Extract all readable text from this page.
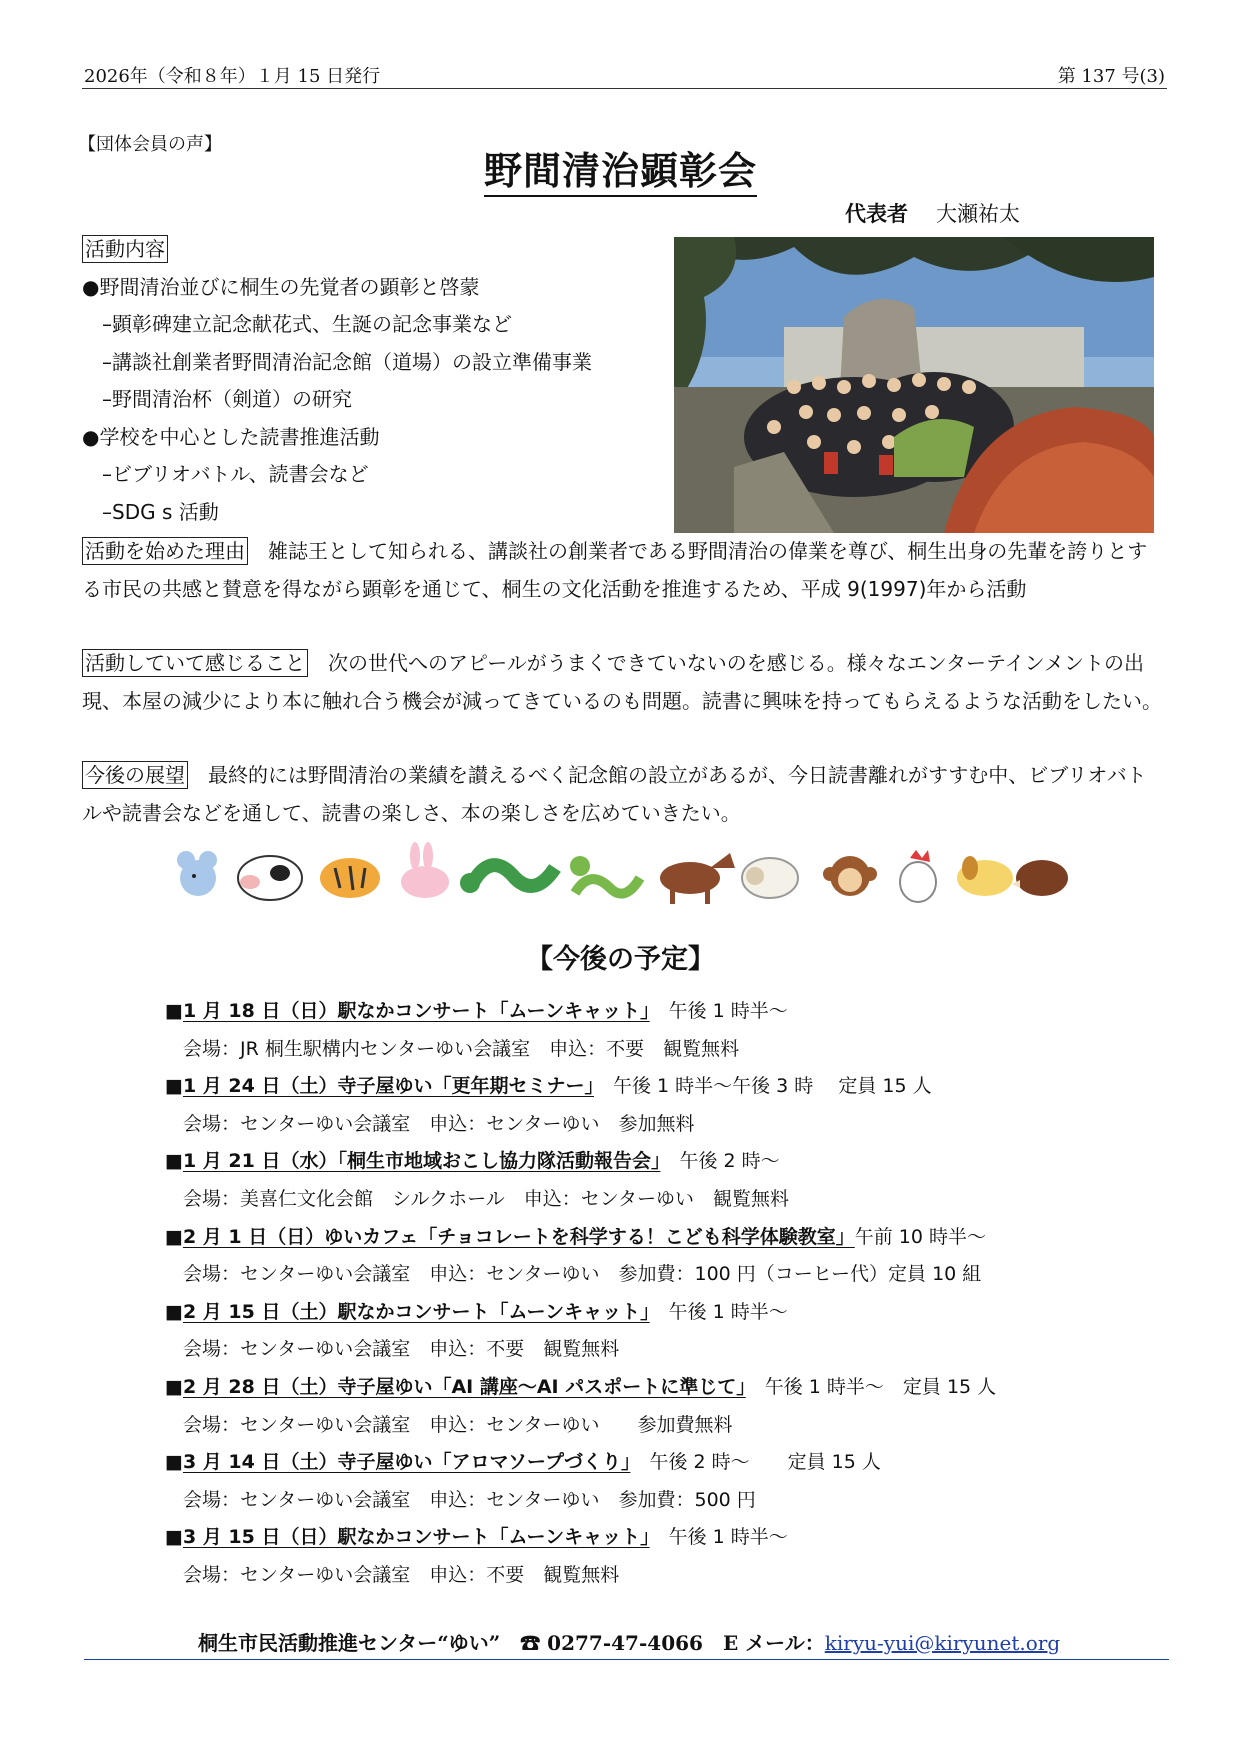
2026年（令和８年）１月 15 日発行	第 137 号(3)
【団体会員の声】
野間清治顕彰会
代表者 大瀬祐太
活動内容
●野間清治並びに桐生の先覚者の顕彰と啓蒙
　–顕彰碑建立記念献花式、生誕の記念事業など
　–講談社創業者野間清治記念館（道場）の設立準備事業
　–野間清治杯（剣道）の研究
●学校を中心とした読書推進活動
　–ビブリオバトル、読書会など
　–SDG s 活動
活動を始めた理由　 雑誌王として知られる、講談社の創業者である野間清治の偉業を尊び、桐生出身の先輩を誇りとする市民の共感と賛意を得ながら顕彰を通じて、桐生の文化活動を推進するため、平成 9(1997)年から活動
活動していて感じること　 次の世代へのアピールがうまくできていないのを感じる。様々なエンターテインメントの出現、本屋の減少により本に触れ合う機会が減ってきているのも問題。読書に興味を持ってもらえるような活動をしたい。
今後の展望　 最終的には野間清治の業績を讃えるべく記念館の設立があるが、今日読書離れがすすむ中、ビブリオバトルや読書会などを通して、読書の楽しさ、本の楽しさを広めていきたい。
【今後の予定】
■1 月 18 日（日）駅なかコンサート「ムーンキャット」　午後 1 時半～
会場：JR 桐生駅構内センターゆい会議室　申込：不要　観覧無料
■1 月 24 日（土）寺子屋ゆい「更年期セミナー」　午後 1 時半～午後 3 時　 定員 15 人
会場：センターゆい会議室　申込：センターゆい　参加無料
■1 月 21 日（水）「桐生市地域おこし協力隊活動報告会」　午後 2 時～
会場：美喜仁文化会館　シルクホール　申込：センターゆい　観覧無料
■2 月 1 日（日）ゆいカフェ「チョコレートを科学する！こども科学体験教室」午前 10 時半～
会場：センターゆい会議室　申込：センターゆい　参加費：100 円（コーヒー代）定員 10 組
■2 月 15 日（土）駅なかコンサート「ムーンキャット」　午後 1 時半～
会場：センターゆい会議室　申込：不要　観覧無料
■2 月 28 日（土）寺子屋ゆい「AI 講座～AI パスポートに準じて」　午後 1 時半～　定員 15 人
会場：センターゆい会議室　申込：センターゆい　　参加費無料
■3 月 14 日（土）寺子屋ゆい「アロマソープづくり」　午後 2 時～　　定員 15 人
会場：センターゆい会議室　申込：センターゆい　参加費：500 円
■3 月 15 日（日）駅なかコンサート「ムーンキャット」　午後 1 時半～
会場：センターゆい会議室　申込：不要　観覧無料
桐生市民活動推進センター“ゆい”　 ☎ 0277-47-4066　 E メール：kiryu-yui@kiryunet.org
